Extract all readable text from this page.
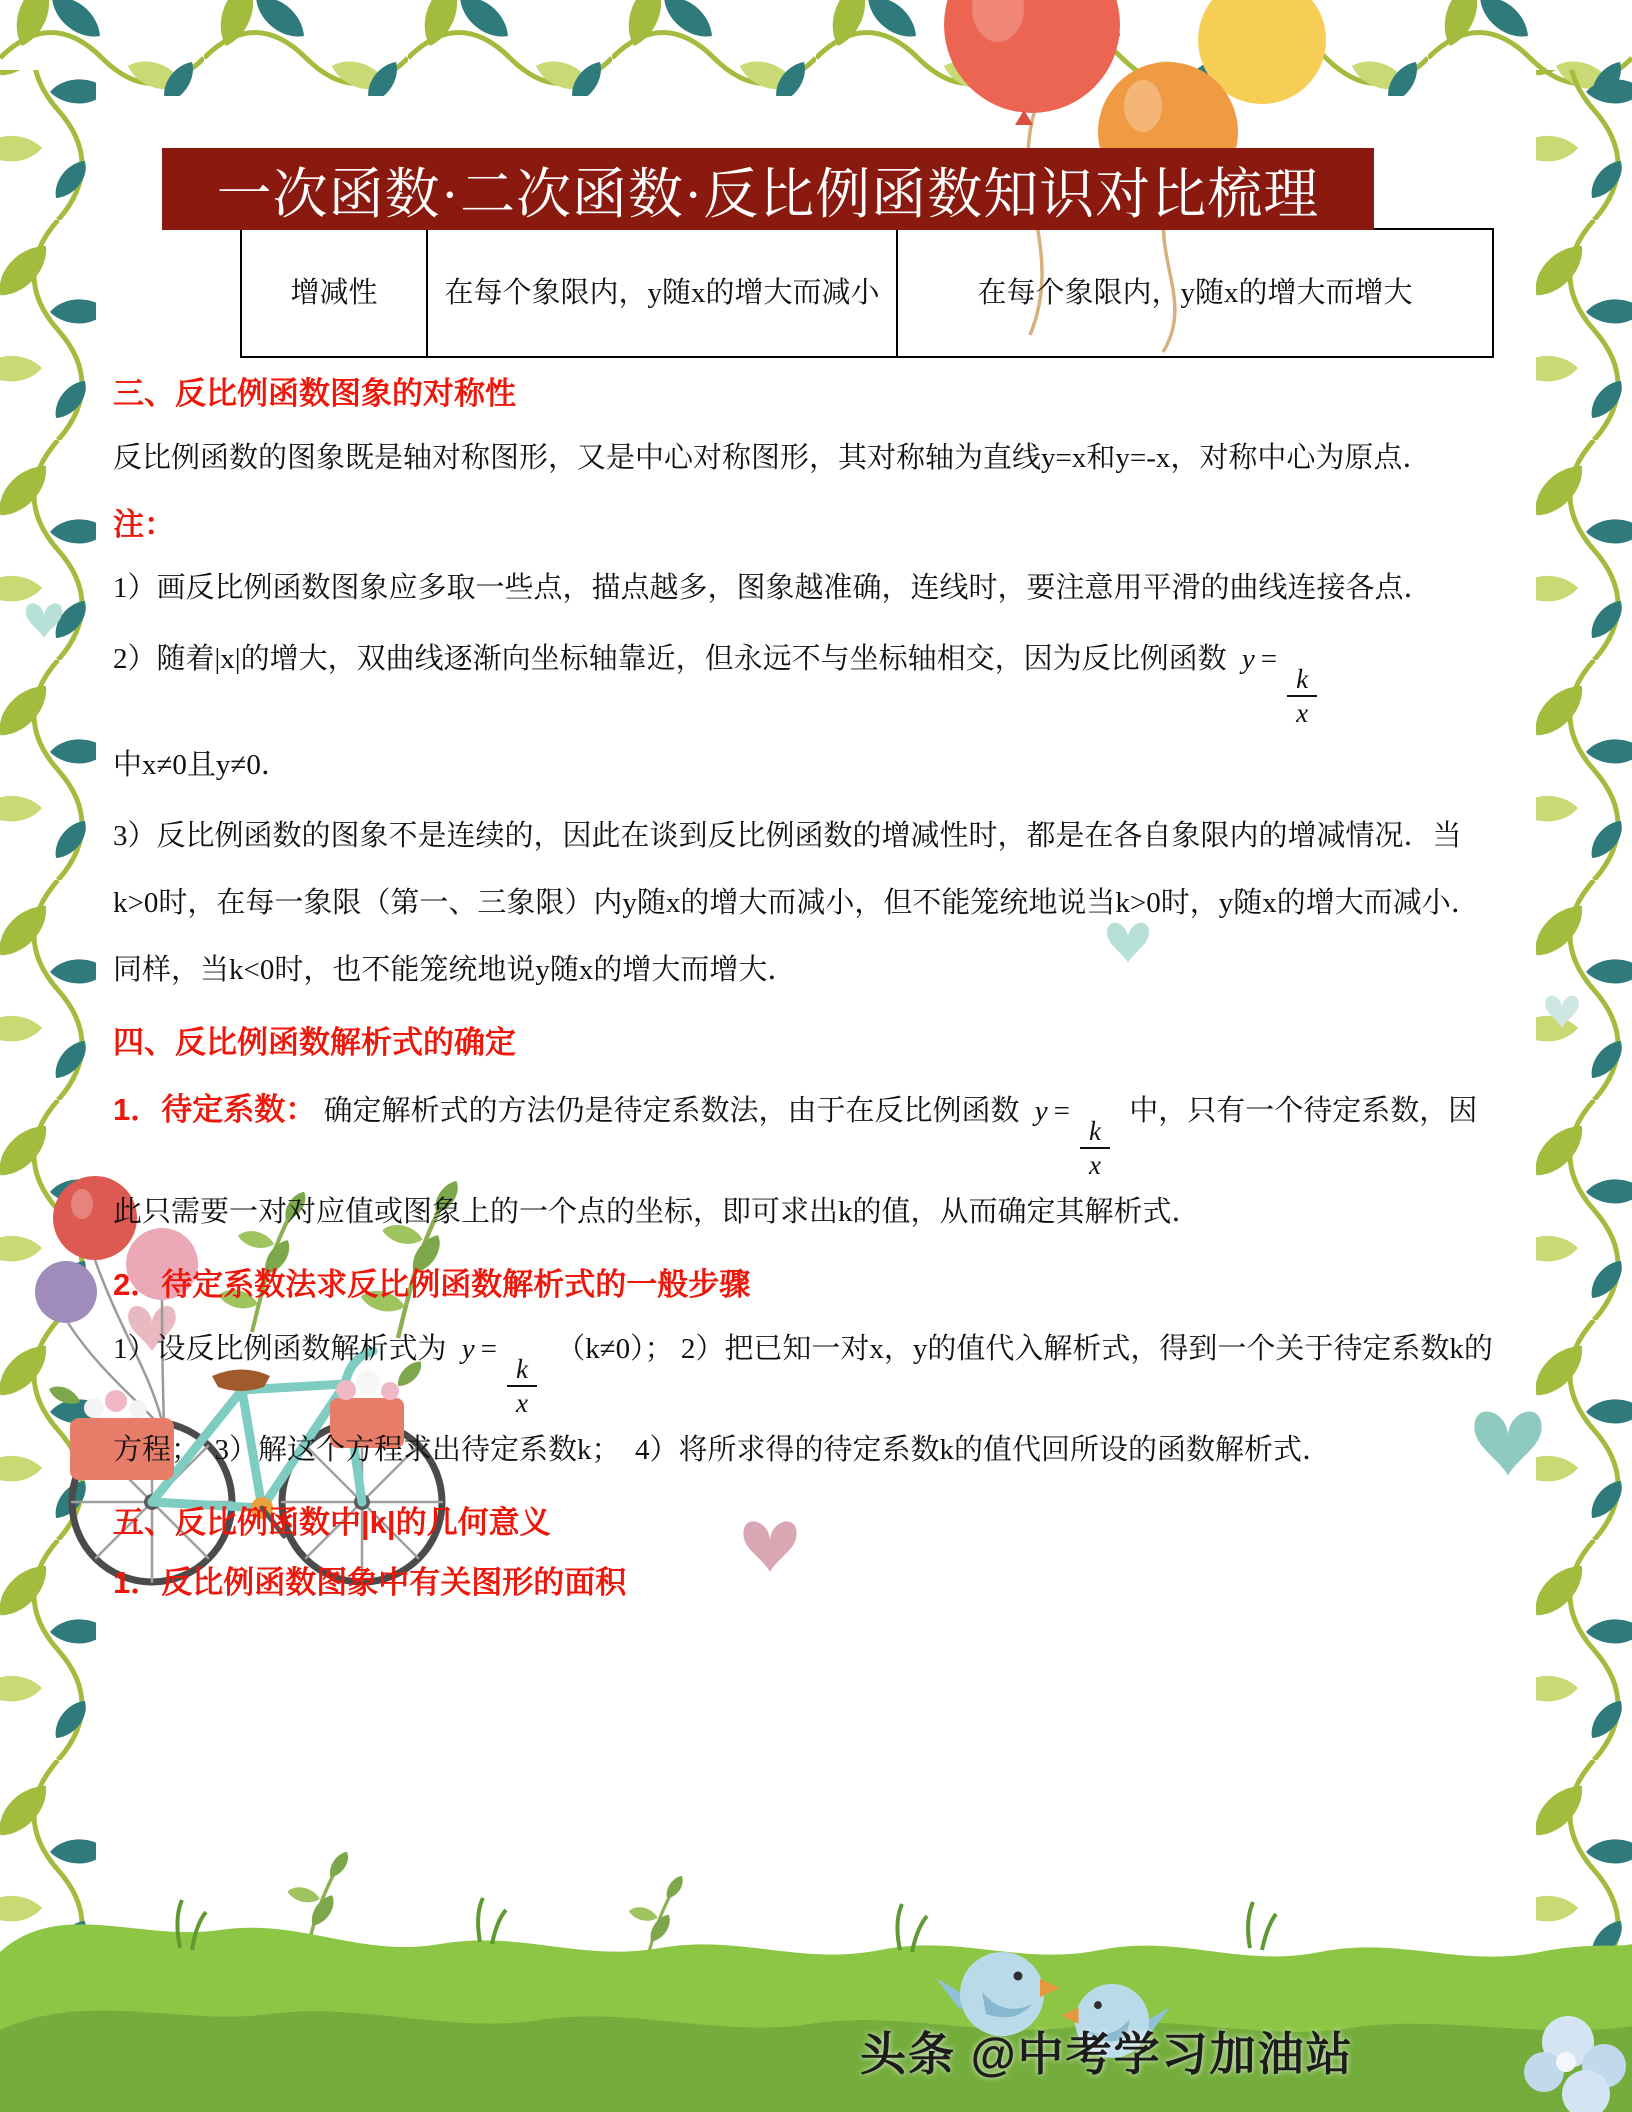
一次函数·二次函数·反比例函数知识对比梳理
增减性	在每个象限内，y随x的增大而减小	在每个象限内，y随x的增大而增大
三、反比例函数图象的对称性

反比例函数的图象既是轴对称图形，又是中心对称图形，其对称轴为直线y=x和y=-x，对称中心为原点．

注：

1）画反比例函数图象应多取一些点，描点越多，图象越准确，连线时，要注意用平滑的曲线连接各点．

2）随着|x|的增大，双曲线逐渐向坐标轴靠近，但永远不与坐标轴相交，因为反比例函数 y =
$\frac{k}{x}$

中x≠0且y≠0．

3）反比例函数的图象不是连续的，因此在谈到反比例函数的增减性时，都是在各自象限内的增减情况．当k>0时，在每一象限（第一、三象限）内y随x的增大而减小，但不能笼统地说当k>0时，y随x的增大而减小．同样，当k<0时，也不能笼统地说y随x的增大而增大．

四、反比例函数解析式的确定

1．待定系数： 确定解析式的方法仍是待定系数法，由于在反比例函数 y =
$\frac{k}{x}$
中，只有一个待定系数，因此只需要一对对应值或图象上的一个点的坐标，即可求出k的值，从而确定其解析式．

2．待定系数法求反比例函数解析式的一般步骤

1）设反比例函数解析式为 y =
$\frac{k}{x}$
（k≠0）； 2）把已知一对x，y的值代入解析式，得到一个关于待定系数k的方程；　3）解这个方程求出待定系数k；　4）将所求得的待定系数k的值代回所设的函数解析式．

五、反比例函数中|k|的几何意义
1．反比例函数图象中有关图形的面积
头条 @中考学习加油站
